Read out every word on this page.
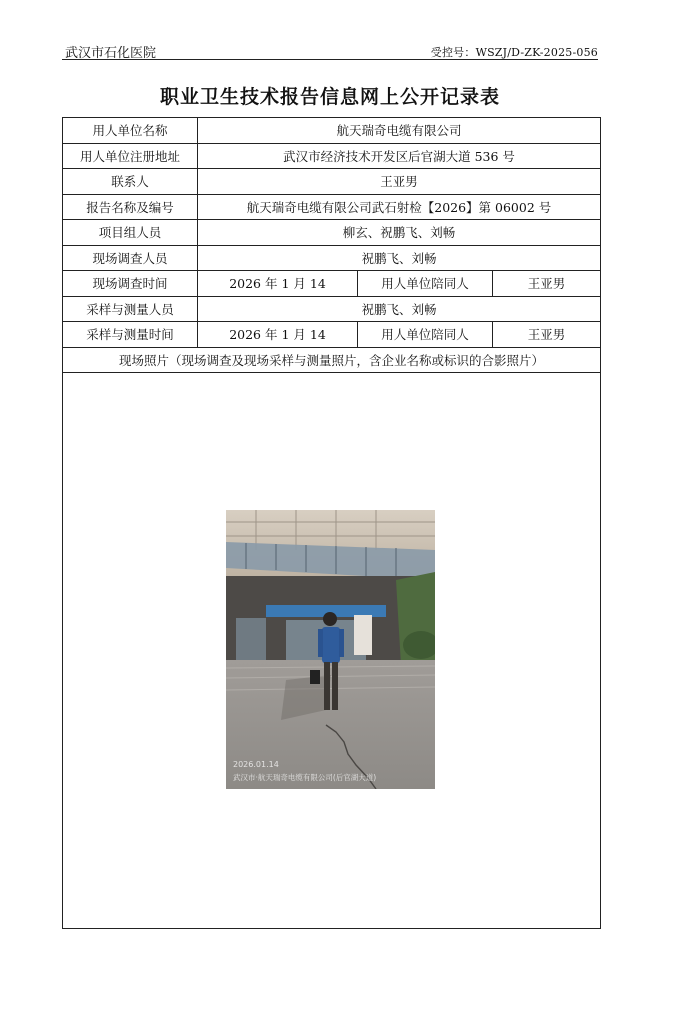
武汉市石化医院	受控号：WSZJ/D-ZK-2025-056
职业卫生技术报告信息网上公开记录表
用人单位名称	航天瑞奇电缆有限公司		
用人单位注册地址	武汉市经济技术开发区后官湖大道 536 号		
联系人	王亚男		
报告名称及编号	航天瑞奇电缆有限公司武石射检【2026】第 06002 号		
项目组人员	柳玄、祝鹏飞、刘畅		
现场调查人员	祝鹏飞、刘畅		
现场调查时间	2026 年 1 月 14	用人单位陪同人	王亚男
采样与测量人员	祝鹏飞、刘畅		
采样与测量时间	2026 年 1 月 14	用人单位陪同人	王亚男
现场照片（现场调查及现场采样与测量照片，含企业名称或标识的合影照片）			

2026.01.14
武汉市·航天瑞奇电缆有限公司(后官湖大道)			
